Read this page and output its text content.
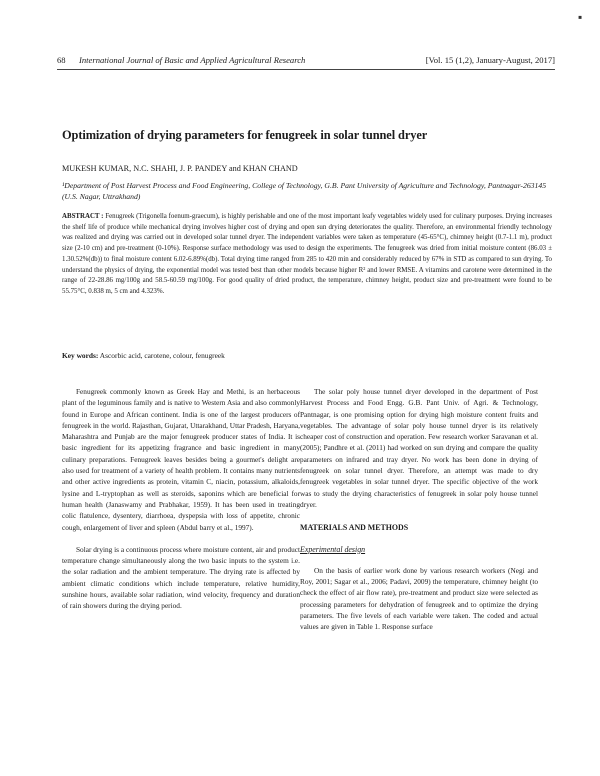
▪
68 International Journal of Basic and Applied Agricultural Research	[Vol. 15 (1,2), January-August, 2017]
Optimization of drying parameters for fenugreek in solar tunnel dryer
MUKESH KUMAR, N.C. SHAHI, J. P. PANDEY and KHAN CHAND
¹Department of Post Harvest Process and Food Engineering, College of Technology, G.B. Pant University of Agriculture and Technology, Pantnagar-263145 (U.S. Nagar, Uttrakhand)
ABSTRACT : Fenugreek (Trigonella foenum-graecum), is highly perishable and one of the most important leafy vegetables widely used for culinary purposes. Drying increases the shelf life of produce while mechanical drying involves higher cost of drying and open sun drying deteriorates the quality. Therefore, an environmental friendly technology was realized and drying was carried out in developed solar tunnel dryer. The independent variables were taken as temperature (45-65°C), chimney height (0.7-1.1 m), product size (2-10 cm) and pre-treatment (0-10%). Response surface methodology was used to design the experiments. The fenugreek was dried from initial moisture content (86.03 ± 1.30.52%(db)) to final moisture content 6.02-6.89%(db). Total drying time ranged from 285 to 420 min and considerably reduced by 67% in STD as compared to sun drying. To understand the physics of drying, the exponential model was tested best than other models because higher R² and lower RMSE. A vitamins and carotene were determined in the range of 22-28.86 mg/100g and 58.5-60.59 mg/100g. For good quality of dried product, the temperature, chimney height, product size and pre-treatment were found to be 55.75°C, 0.838 m, 5 cm and 4.323%.
Key words: Ascorbic acid, carotene, colour, fenugreek

Fenugreek commonly known as Greek Hay and Methi, is an herbaceous plant of the leguminous family and is native to Western Asia and also commonly found in Europe and African continent. India is one of the largest producers of fenugreek in the world. Rajasthan, Gujarat, Uttarakhand, Uttar Pradesh, Haryana, Maharashtra and Punjab are the major fenugreek producer states of India. It is basic ingredient for its appetizing fragrance and basic ingredient in many culinary preparations. Fenugreek leaves besides being a gourmet's delight are also used for treatment of a variety of health problem. It contains many nutrients and other active ingredients as protein, vitamin C, niacin, potassium, alkaloids, lysine and L-tryptophan as well as steroids, saponins which are beneficial for human health (Janaswamy and Prabhakar, 1959). It has been used in treating colic flatulence, dysentery, diarrhoea, dyspepsia with loss of appetite, chronic cough, enlargement of liver and spleen (Abdul barry et al., 1997).

Solar drying is a continuous process where moisture content, air and product temperature change simultaneously along the two basic inputs to the system i.e. the solar radiation and the ambient temperature. The drying rate is affected by ambient climatic conditions which include temperature, relative humidity, sunshine hours, available solar radiation, wind velocity, frequency and duration of rain showers during the drying period.

The solar poly house tunnel dryer developed in the department of Post Harvest Process and Food Engg. G.B. Pant Univ. of Agri. & Technology, Pantnagar, is one promising option for drying high moisture content fruits and vegetables. The advantage of solar poly house tunnel dryer is its relatively cheaper cost of construction and operation. Few research worker Saravanan et al. (2005); Pandhre et al. (2011) had worked on sun drying and compare the quality parameters on infrared and tray dryer. No work has been done in drying of fenugreek on solar tunnel dryer. Therefore, an attempt was made to dry fenugreek vegetables in solar tunnel dryer. The specific objective of the work was to study the drying characteristics of fenugreek in solar poly house tunnel dryer.

MATERIALS AND METHODS

Experimental design

On the basis of earlier work done by various research workers (Negi and Roy, 2001; Sagar et al., 2006; Padavi, 2009) the temperature, chimney height (to check the effect of air flow rate), pre-treatment and product size were selected as processing parameters for dehydration of fenugreek and to optimize the drying parameters. The five levels of each variable were taken. The coded and actual values are given in Table 1. Response surface
